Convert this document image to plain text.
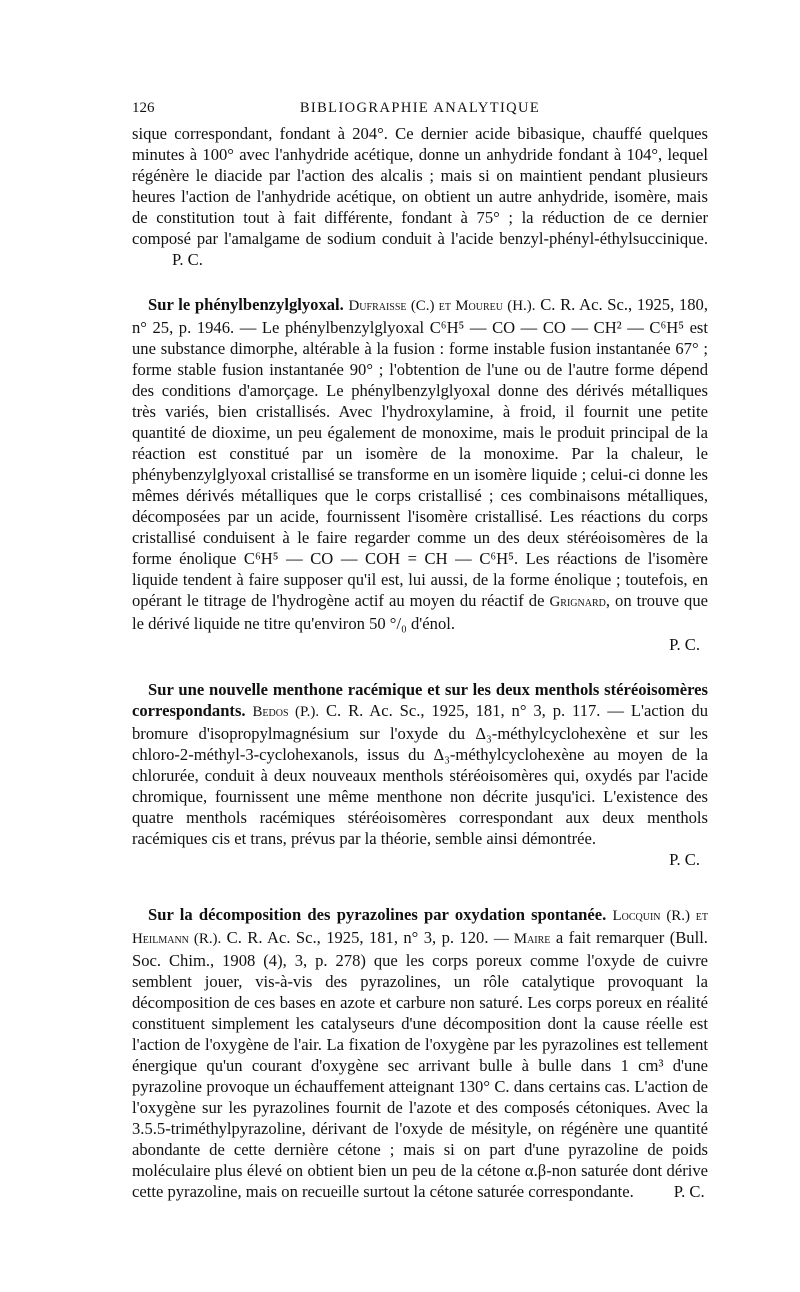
126	BIBLIOGRAPHIE ANALYTIQUE

sique correspondant, fondant à 204°. Ce dernier acide bibasique, chauffé quelques minutes à 100° avec l'anhydride acétique, donne un anhydride fondant à 104°, lequel régénère le diacide par l'action des alcalis ; mais si on maintient pendant plusieurs heures l'action de l'anhydride acétique, on obtient un autre anhydride, isomère, mais de constitution tout à fait différente, fondant à 75° ; la réduction de ce dernier composé par l'amalgame de sodium conduit à l'acide benzyl-phényl-éthylsuccinique. P. C.

Sur le phénylbenzylglyoxal. Dufraisse (C.) et Moureu (H.). C. R. Ac. Sc., 1925, 180, n° 25, p. 1946. — Le phénylbenzylglyoxal C⁶H⁵ — CO — CO — CH² — C⁶H⁵ est une substance dimorphe, altérable à la fusion : forme instable fusion instantanée 67° ; forme stable fusion instantanée 90° ; l'obtention de l'une ou de l'autre forme dépend des conditions d'amorçage. Le phénylbenzylglyoxal donne des dérivés métalliques très variés, bien cristallisés. Avec l'hydroxylamine, à froid, il fournit une petite quantité de dioxime, un peu également de monoxime, mais le produit principal de la réaction est constitué par un isomère de la monoxime. Par la chaleur, le phénybenzylglyoxal cristallisé se transforme en un isomère liquide ; celui-ci donne les mêmes dérivés métalliques que le corps cristallisé ; ces combinaisons métalliques, décomposées par un acide, fournissent l'isomère cristallisé. Les réactions du corps cristallisé conduisent à le faire regarder comme un des deux stéréoisomères de la forme énolique C⁶H⁵ — CO — COH = CH — C⁶H⁵. Les réactions de l'isomère liquide tendent à faire supposer qu'il est, lui aussi, de la forme énolique ; toutefois, en opérant le titrage de l'hydrogène actif au moyen du réactif de Grignard, on trouve que le dérivé liquide ne titre qu'environ 50 °/₀ d'énol.

P. C.

Sur une nouvelle menthone racémique et sur les deux menthols stéréoisomères correspondants. Bedos (P.). C. R. Ac. Sc., 1925, 181, n° 3, p. 117. — L'action du bromure d'isopropylmagnésium sur l'oxyde du Δ₃-méthylcyclohexène et sur les chloro-2-méthyl-3-cyclohexanols, issus du Δ₃-méthylcyclohexène au moyen de la chlorurée, conduit à deux nouveaux menthols stéréoisomères qui, oxydés par l'acide chromique, fournissent une même menthone non décrite jusqu'ici. L'existence des quatre menthols racémiques stéréoisomères correspondant aux deux menthols racémiques cis et trans, prévus par la théorie, semble ainsi démontrée.

P. C.

Sur la décomposition des pyrazolines par oxydation spontanée. Locquin (R.) et Heilmann (R.). C. R. Ac. Sc., 1925, 181, n° 3, p. 120. — Maire a fait remarquer (Bull. Soc. Chim., 1908 (4), 3, p. 278) que les corps poreux comme l'oxyde de cuivre semblent jouer, vis-à-vis des pyrazolines, un rôle catalytique provoquant la décomposition de ces bases en azote et carbure non saturé. Les corps poreux en réalité constituent simplement les catalyseurs d'une décomposition dont la cause réelle est l'action de l'oxygène de l'air. La fixation de l'oxygène par les pyrazolines est tellement énergique qu'un courant d'oxygène sec arrivant bulle à bulle dans 1 cm³ d'une pyrazoline provoque un échauffement atteignant 130° C. dans certains cas. L'action de l'oxygène sur les pyrazolines fournit de l'azote et des composés cétoniques. Avec la 3.5.5-triméthylpyrazoline, dérivant de l'oxyde de mésityle, on régénère une quantité abondante de cette dernière cétone ; mais si on part d'une pyrazoline de poids moléculaire plus élevé on obtient bien un peu de la cétone α.β-non saturée dont dérive cette pyrazoline, mais on recueille surtout la cétone saturée correspondante. P. C.
